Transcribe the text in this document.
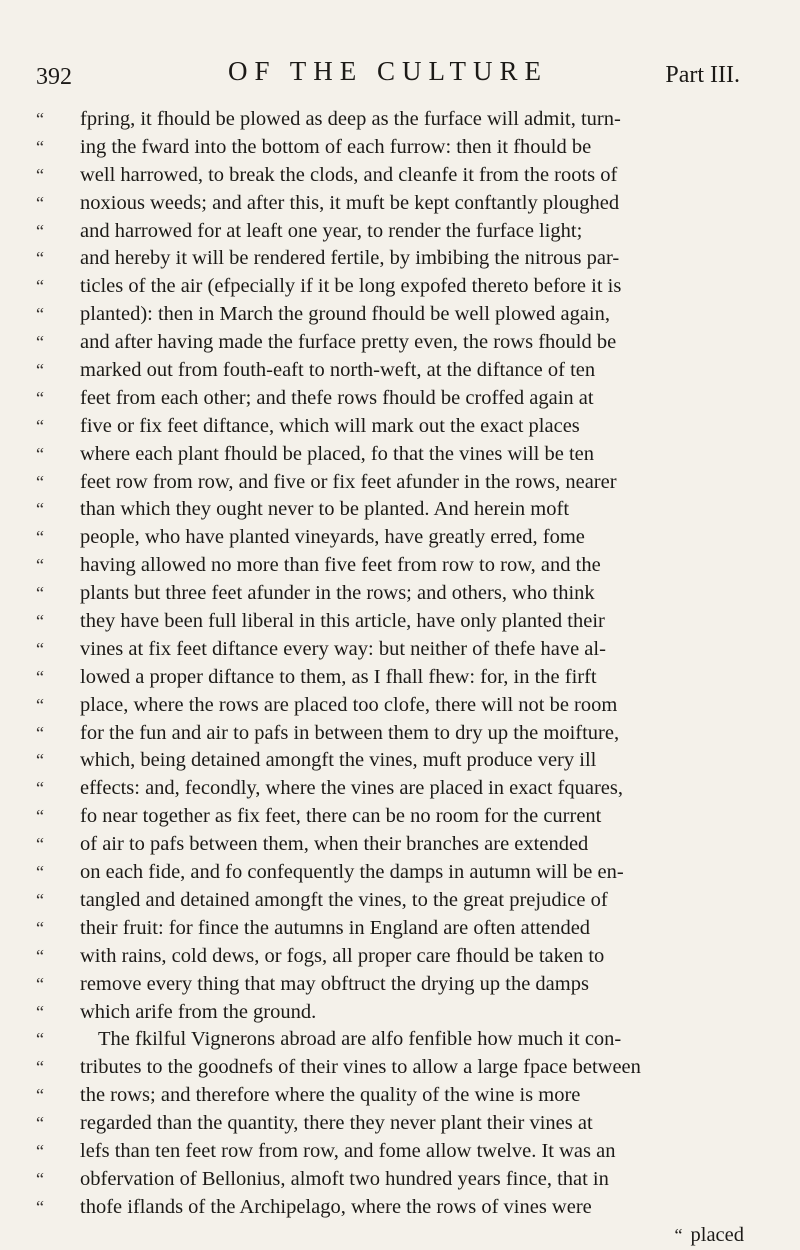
392	OF THE CULTURE	Part III.
“	fpring, it fhould be plowed as deep as the furface will admit, turn-
“	ing the fward into the bottom of each furrow: then it fhould be
“	well harrowed, to break the clods, and cleanfe it from the roots of
“	noxious weeds; and after this, it muft be kept conftantly ploughed
“	and harrowed for at leaft one year, to render the furface light;
“	and hereby it will be rendered fertile, by imbibing the nitrous par-
“	ticles of the air (efpecially if it be long expofed thereto before it is
“	planted): then in March the ground fhould be well plowed again,
“	and after having made the furface pretty even, the rows fhould be
“	marked out from fouth-eaft to north-weft, at the diftance of ten
“	feet from each other; and thefe rows fhould be croffed again at
“	five or fix feet diftance, which will mark out the exact places
“	where each plant fhould be placed, fo that the vines will be ten
“	feet row from row, and five or fix feet afunder in the rows, nearer
“	than which they ought never to be planted. And herein moft
“	people, who have planted vineyards, have greatly erred, fome
“	having allowed no more than five feet from row to row, and the
“	plants but three feet afunder in the rows; and others, who think
“	they have been full liberal in this article, have only planted their
“	vines at fix feet diftance every way: but neither of thefe have al-
“	lowed a proper diftance to them, as I fhall fhew: for, in the firft
“	place, where the rows are placed too clofe, there will not be room
“	for the fun and air to pafs in between them to dry up the moifture,
“	which, being detained amongft the vines, muft produce very ill
“	effects: and, fecondly, where the vines are placed in exact fquares,
“	fo near together as fix feet, there can be no room for the current
“	of air to pafs between them, when their branches are extended
“	on each fide, and fo confequently the damps in autumn will be en-
“	tangled and detained amongft the vines, to the great prejudice of
“	their fruit: for fince the autumns in England are often attended
“	with rains, cold dews, or fogs, all proper care fhould be taken to
“	remove every thing that may obftruct the drying up the damps
“	which arife from the ground.
“	The fkilful Vignerons abroad are alfo fenfible how much it con-
“	tributes to the goodnefs of their vines to allow a large fpace between
“	the rows; and therefore where the quality of the wine is more
“	regarded than the quantity, there they never plant their vines at
“	lefs than ten feet row from row, and fome allow twelve. It was an
“	obfervation of Bellonius, almoft two hundred years fince, that in
“	thofe iflands of the Archipelago, where the rows of vines were
“ placed
